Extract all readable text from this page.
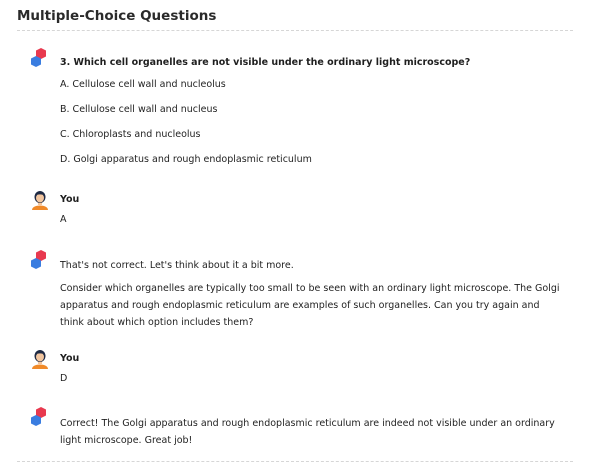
Multiple-Choice Questions
3. Which cell organelles are not visible under the ordinary light microscope?
A. Cellulose cell wall and nucleolus
B. Cellulose cell wall and nucleus
C. Chloroplasts and nucleolus
D. Golgi apparatus and rough endoplasmic reticulum
You
A
That's not correct. Let's think about it a bit more.
Consider which organelles are typically too small to be seen with an ordinary light microscope. The Golgi apparatus and rough endoplasmic reticulum are examples of such organelles. Can you try again and think about which option includes them?
You
D
Correct! The Golgi apparatus and rough endoplasmic reticulum are indeed not visible under an ordinary light microscope. Great job!
